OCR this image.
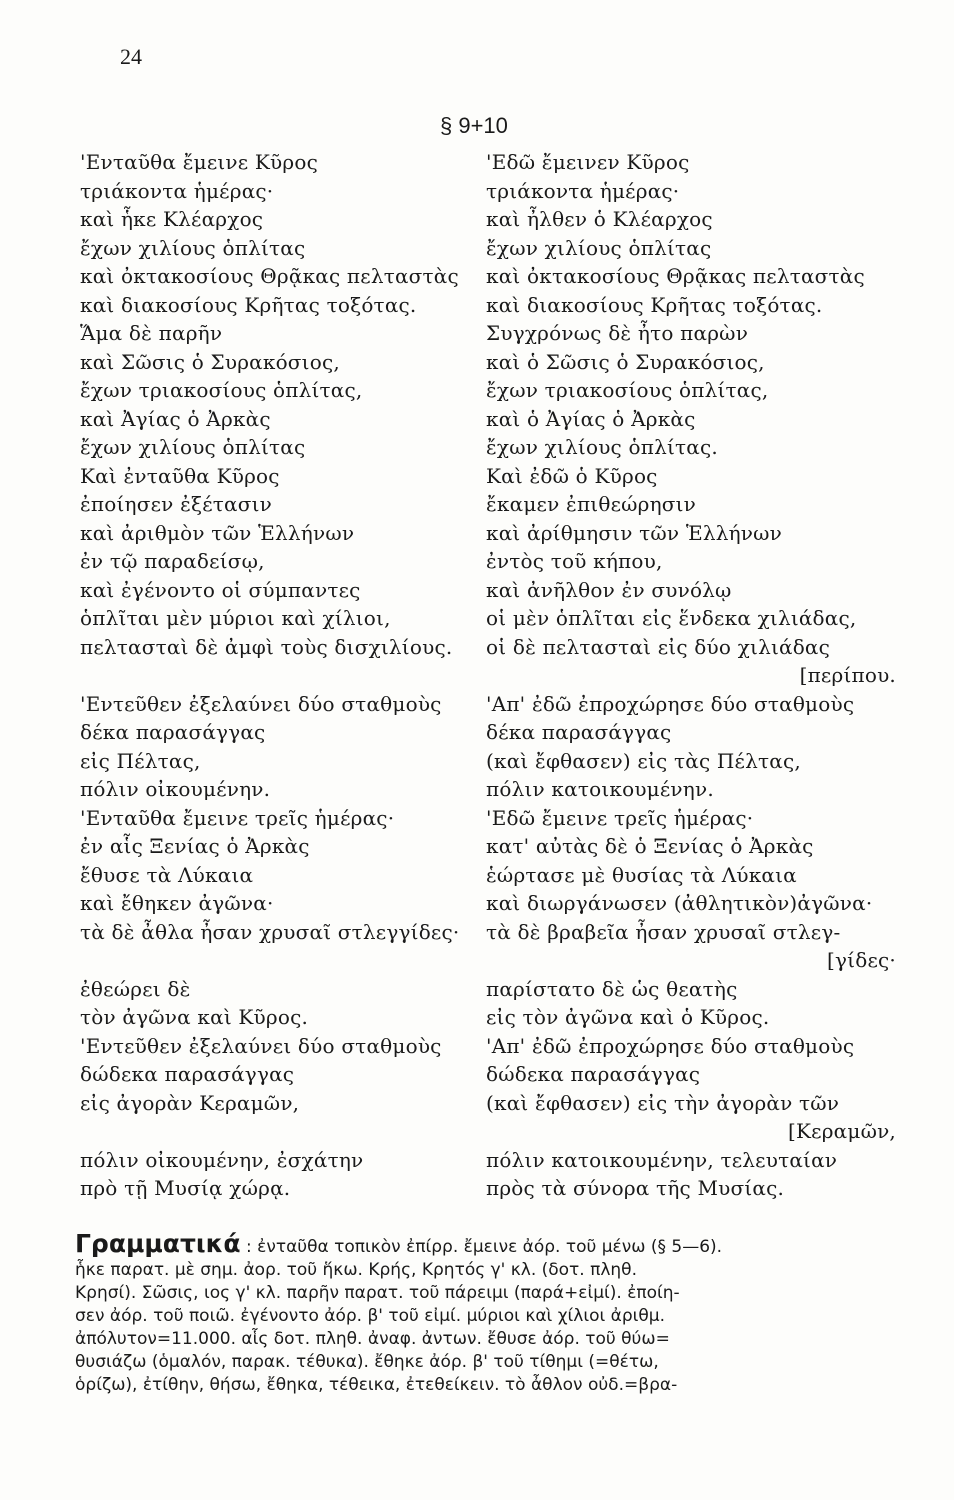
24
§ 9+10
'Ενταῦθα ἔμεινε Κῦρος
τριάκοντα ἡμέρας·
καὶ ἧκε Κλέαρχος
ἔχων χιλίους ὁπλίτας
καὶ ὀκτακοσίους Θρᾷκας πελταστὰς
καὶ διακοσίους Κρῆτας τοξότας.
Ἅμα δὲ παρῆν
καὶ Σῶσις ὁ Συρακόσιος,
ἔχων τριακοσίους ὁπλίτας,
καὶ Ἀγίας ὁ Ἀρκὰς
ἔχων χιλίους ὁπλίτας
Καὶ ἐνταῦθα Κῦρος
ἐποίησεν ἐξέτασιν
καὶ ἀριθμὸν τῶν Ἑλλήνων
ἐν τῷ παραδείσῳ,
καὶ ἐγένοντο οἱ σύμπαντες
ὁπλῖται μὲν μύριοι καὶ χίλιοι,
πελτασταὶ δὲ ἀμφὶ τοὺς δισχιλίους.
'Εντεῦθεν ἐξελαύνει δύο σταθμοὺς
δέκα παρασάγγας
εἰς Πέλτας,
πόλιν οἰκουμένην.
'Ενταῦθα ἔμεινε τρεῖς ἡμέρας·
ἐν αἷς Ξενίας ὁ Ἀρκὰς
ἔθυσε τὰ Λύκαια
καὶ ἔθηκεν ἀγῶνα·
τὰ δὲ ἆθλα ἦσαν χρυσαῖ στλεγγίδες·
ἐθεώρει δὲ
τὸν ἀγῶνα καὶ Κῦρος.
'Εντεῦθεν ἐξελαύνει δύο σταθμοὺς
δώδεκα παρασάγγας
εἰς ἀγορὰν Κεραμῶν,
πόλιν οἰκουμένην, ἐσχάτην
πρὸ τῇ Μυσίᾳ χώρᾳ.
'Εδῶ ἔμεινεν Κῦρος
τριάκοντα ἡμέρας·
καὶ ἦλθεν ὁ Κλέαρχος
ἔχων χιλίους ὁπλίτας
καὶ ὀκτακοσίους Θρᾷκας πελταστὰς
καὶ διακοσίους Κρῆτας τοξότας.
Συγχρόνως δὲ ἦτο παρὼν
καὶ ὁ Σῶσις ὁ Συρακόσιος,
ἔχων τριακοσίους ὁπλίτας,
καὶ ὁ Ἀγίας ὁ Ἀρκὰς
ἔχων χιλίους ὁπλίτας.
Καὶ ἐδῶ ὁ Κῦρος
ἔκαμεν ἐπιθεώρησιν
καὶ ἀρίθμησιν τῶν Ἑλλήνων
ἐντὸς τοῦ κήπου,
καὶ ἀνῆλθον ἐν συνόλῳ
οἱ μὲν ὁπλῖται εἰς ἕνδεκα χιλιάδας,
οἱ δὲ πελτασταὶ εἰς δύο χιλιάδας
[περίπου.
'Απ' ἐδῶ ἐπροχώρησε δύο σταθμοὺς
δέκα παρασάγγας
(καὶ ἔφθασεν) εἰς τὰς Πέλτας,
πόλιν κατοικουμένην.
'Εδῶ ἔμεινε τρεῖς ἡμέρας·
κατ' αὐτὰς δὲ ὁ Ξενίας ὁ Ἀρκὰς
ἑώρτασε μὲ θυσίας τὰ Λύκαια
καὶ διωργάνωσεν (ἀθλητικὸν)ἀγῶνα·
τὰ δὲ βραβεῖα ἦσαν χρυσαῖ στλεγ-
[γίδες·
παρίστατο δὲ ὡς θεατὴς
εἰς τὸν ἀγῶνα καὶ ὁ Κῦρος.
'Απ' ἐδῶ ἐπροχώρησε δύο σταθμοὺς
δώδεκα παρασάγγας
(καὶ ἔφθασεν) εἰς τὴν ἀγορὰν τῶν
[Κεραμῶν,
πόλιν κατοικουμένην, τελευταίαν
πρὸς τὰ σύνορα τῆς Μυσίας.
Γραμματικά : ἐνταῦθα τοπικὸν ἐπίρρ. ἔμεινε ἀόρ. τοῦ μένω (§ 5—6).
ἧκε παρατ. μὲ σημ. ἀορ. τοῦ ἥκω. Κρής, Κρητός γ' κλ. (δοτ. πληθ.
Κρησί). Σῶσις, ιος γ' κλ. παρῆν παρατ. τοῦ πάρειμι (παρά+εἰμί). ἐποίη-
σεν ἀόρ. τοῦ ποιῶ. ἐγένοντο ἀόρ. β' τοῦ εἰμί. μύριοι καὶ χίλιοι ἀριθμ.
ἀπόλυτον=11.000. αἷς δοτ. πληθ. ἀναφ. ἀντων. ἔθυσε ἀόρ. τοῦ θύω=
θυσιάζω (ὁμαλόν, παρακ. τέθυκα). ἔθηκε ἀόρ. β' τοῦ τίθημι (=θέτω,
ὁρίζω), ἐτίθην, θήσω, ἔθηκα, τέθεικα, ἐτεθείκειν. τὸ ἆθλον οὐδ.=βρα-
